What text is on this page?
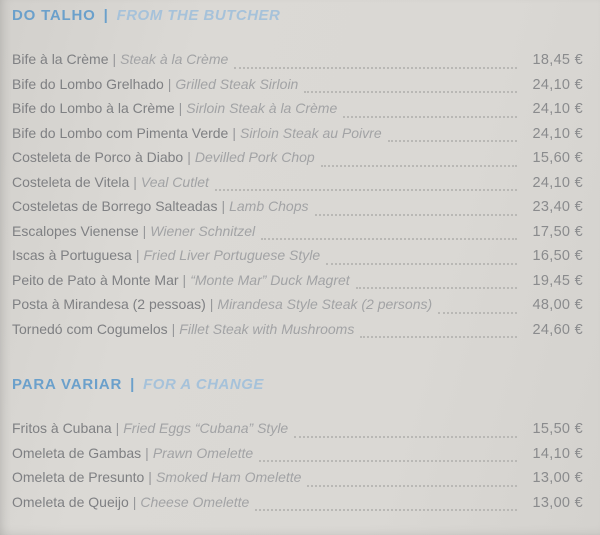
DO TALHO | FROM THE BUTCHER
Bife à la Crème | Steak à la Crème	18,45 €
Bife do Lombo Grelhado | Grilled Steak Sirloin	24,10 €
Bife do Lombo à la Crème | Sirloin Steak à la Crème	24,10 €
Bife do Lombo com Pimenta Verde | Sirloin Steak au Poivre	24,10 €
Costeleta de Porco à Diabo | Devilled Pork Chop	15,60 €
Costeleta de Vitela | Veal Cutlet	24,10 €
Costeletas de Borrego Salteadas | Lamb Chops	23,40 €
Escalopes Vienense | Wiener Schnitzel	17,50 €
Iscas à Portuguesa | Fried Liver Portuguese Style	16,50 €
Peito de Pato à Monte Mar | “Monte Mar” Duck Magret	19,45 €
Posta à Mirandesa (2 pessoas) | Mirandesa Style Steak (2 persons)	48,00 €
Tornedó com Cogumelos | Fillet Steak with Mushrooms	24,60 €
PARA VARIAR | FOR A CHANGE
Fritos à Cubana | Fried Eggs “Cubana” Style	15,50 €
Omeleta de Gambas | Prawn Omelette	14,10 €
Omeleta de Presunto | Smoked Ham Omelette	13,00 €
Omeleta de Queijo | Cheese Omelette	13,00 €
